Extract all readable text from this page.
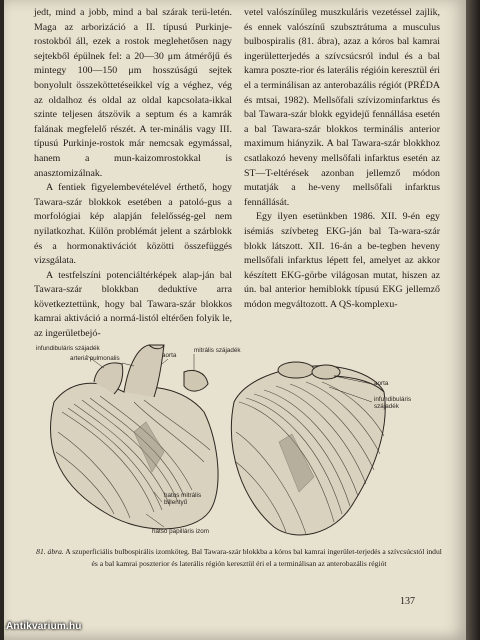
jedt, mind a jobb, mind a bal szárak terü-letén. Maga az arborizáció a II. típusú Purkinje-rostokból áll, ezek a rostok meglehetősen nagy sejtekből épülnek fel: a 20—30 μm átmérőjű és mintegy 100—150 μm hosszúságú sejtek bonyolult összeköttetéseikkel víg a véghez, vég az oldalhoz és oldal az oldal kapcsolata-ikkal szinte teljesen átszövik a septum és a kamrák falának megfelelő részét. A ter-minális vagy III. típusú Purkinje-rostok már nemcsak egymással, hanem a mun-kaizomrostokkal is anasztomizálnak.

A fentiek figyelembevételével érthető, hogy Tawara-szár blokkok esetében a patoló-gus a morfológiai kép alapján felelősség-gel nem nyilatkozhat. Külön problémát jelent a szárblokk és a hormonaktivációt közötti összefüggés vizsgálata.

A testfelszíni potenciáltérképek alap-ján bal Tawara-szár blokkban deduktíve arra következtettünk, hogy bal Tawara-szár blokkos kamrai aktiváció a normá-listól eltérően folyik le, az ingerületbejó-

vetel valószínűleg muszkuláris vezetéssel zajlik, és ennek valószínű szubsztrátuma a musculus bulbospiralis (81. ábra), azaz a kóros bal kamrai ingerületterjedés a szívcsúcsról indul és a bal kamra poszte-rior és laterális régióin keresztül éri el a terminálisan az anterobazális régiót (PRÉDA és mtsai, 1982). Mellsőfali szívizominfarktus és bal Tawara-szár blokk egyidejű fennállása esetén a bal Tawara-szár blokkos terminális anterior maximum hiányzik. A bal Tawara-szár blokkhoz csatlakozó heveny mellsőfali infarktus esetén az ST—T-eltérések azonban jellemző módon mutatják a he-veny mellsőfali infarktus fennállását.

Egy ilyen esetünkben 1986. XII. 9-én egy isémiás szívbeteg EKG-ján bal Ta-wara-szár blokk látszott. XII. 16-án a be-tegben heveny mellsőfali infarktus lépett fel, amelyet az akkor készített EKG-görbe világosan mutat, hiszen az ún. bal anterior hemiblokk típusú EKG jellemző módon megváltozott. A QS-komplexu-

infundibuláris szájadék
arteria pulmonalis	aorta
mitrális szájadék
aorta
infundibuláris szájadék
hatos mitrális billentyű
hátsó papilláris izom
81. ábra. A szuperficiális bulbospirális izomköteg. Bal Tawara-szár blokkba a kóros bal kamrai ingerület-terjedés a szívcsúcstól indul és a bal kamrai poszterior és laterális régión keresztül éri el a terminálisan az anterobazális régiót
137
Antikvarium.hu
